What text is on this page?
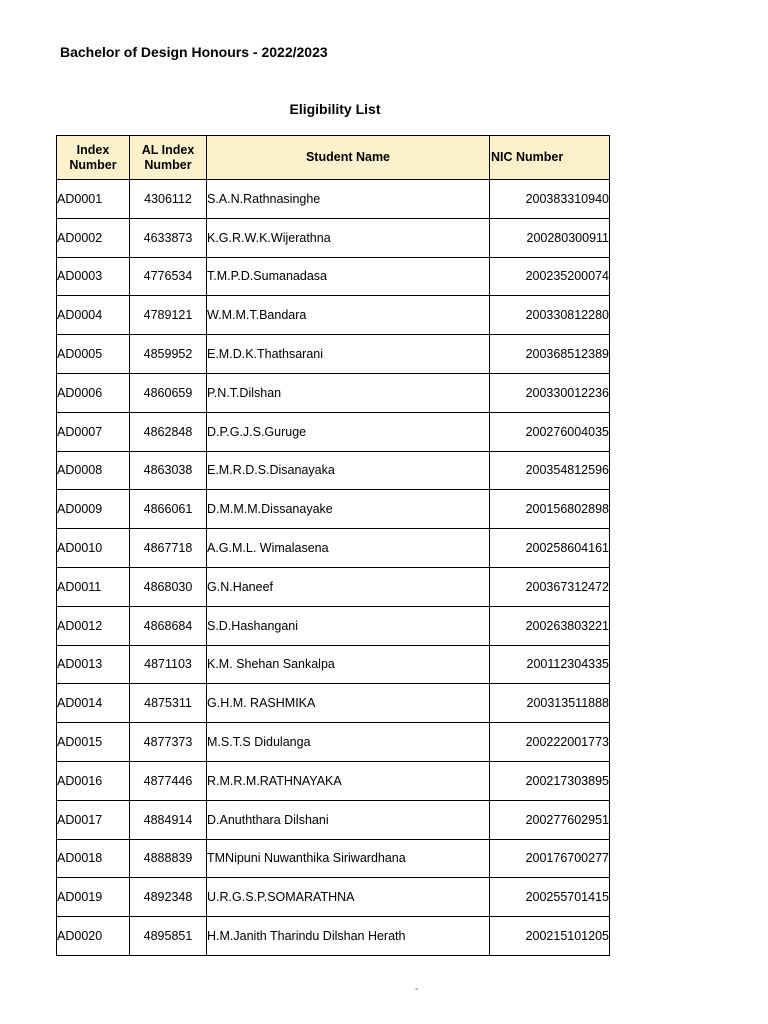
Bachelor of Design Honours - 2022/2023
Eligibility List
Index Number	AL Index Number	Student Name	NIC Number
AD0001	4306112	S.A.N.Rathnasinghe	200383310940
AD0002	4633873	K.G.R.W.K.Wijerathna	200280300911
AD0003	4776534	T.M.P.D.Sumanadasa	200235200074
AD0004	4789121	W.M.M.T.Bandara	200330812280
AD0005	4859952	E.M.D.K.Thathsarani	200368512389
AD0006	4860659	P.N.T.Dilshan	200330012236
AD0007	4862848	D.P.G.J.S.Guruge	200276004035
AD0008	4863038	E.M.R.D.S.Disanayaka	200354812596
AD0009	4866061	D.M.M.M.Dissanayake	200156802898
AD0010	4867718	A.G.M.L. Wimalasena	200258604161
AD0011	4868030	G.N.Haneef	200367312472
AD0012	4868684	S.D.Hashangani	200263803221
AD0013	4871103	K.M. Shehan Sankalpa	200112304335
AD0014	4875311	G.H.M. RASHMIKA	200313511888
AD0015	4877373	M.S.T.S Didulanga	200222001773
AD0016	4877446	R.M.R.M.RATHNAYAKA	200217303895
AD0017	4884914	D.Anuththara Dilshani	200277602951
AD0018	4888839	TMNipuni Nuwanthika Siriwardhana	200176700277
AD0019	4892348	U.R.G.S.P.SOMARATHNA	200255701415
AD0020	4895851	H.M.Janith Tharindu Dilshan Herath	200215101205
-
